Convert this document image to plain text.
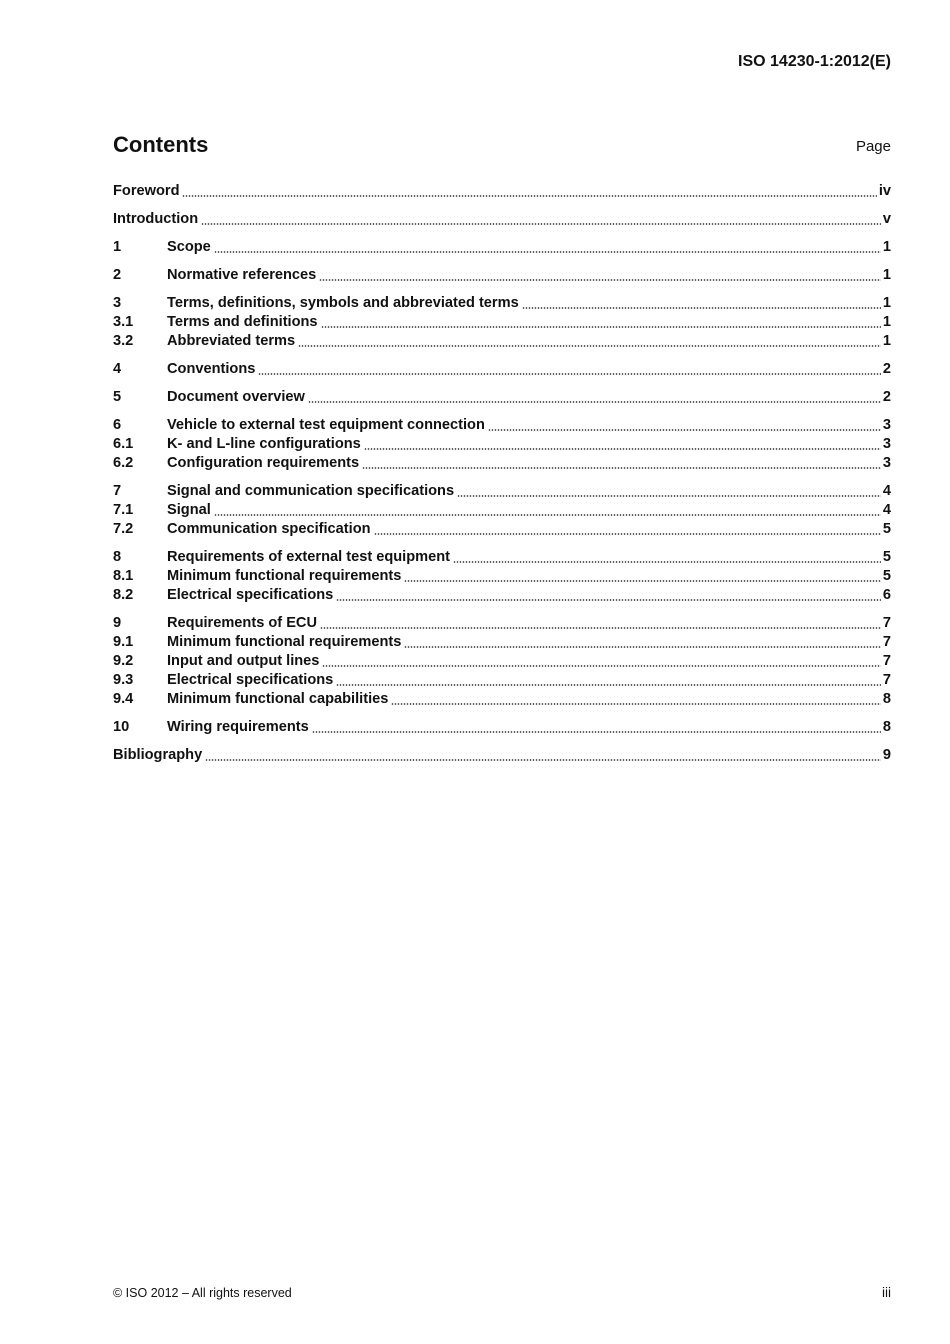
ISO 14230-1:2012(E)
Contents	Page
Foreword	iv
Introduction	v
1	Scope	1
2	Normative references	1
3	Terms, definitions, symbols and abbreviated terms	1
3.1	Terms and definitions	1
3.2	Abbreviated terms	1
4	Conventions	2
5	Document overview	2
6	Vehicle to external test equipment connection	3
6.1	K- and L-line configurations	3
6.2	Configuration requirements	3
7	Signal and communication specifications	4
7.1	Signal	4
7.2	Communication specification	5
8	Requirements of external test equipment	5
8.1	Minimum functional requirements	5
8.2	Electrical specifications	6
9	Requirements of ECU	7
9.1	Minimum functional requirements	7
9.2	Input and output lines	7
9.3	Electrical specifications	7
9.4	Minimum functional capabilities	8
10	Wiring requirements	8
Bibliography	9
© ISO 2012 – All rights reserved	iii
